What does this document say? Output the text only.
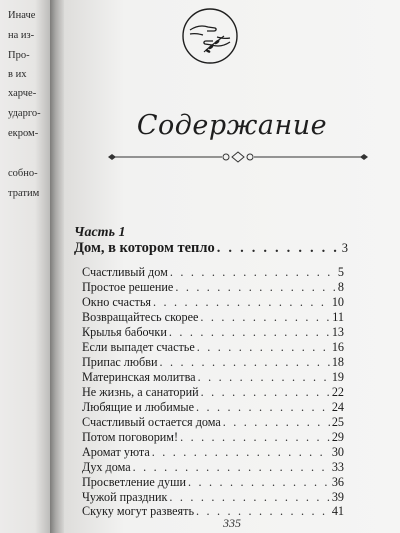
Иначе
на из-
Про-
в их
харче-
ударго-
екром-
собно-
тратим
Содержание
Часть 1
Дом, в котором тепло . . .	3
Счастливый дом . . .	5
Простое решение . . .	8
Окно счастья . . .	10
Возвращайтесь скорее . . .	11
Крылья бабочки . . .	13
Если выпадет счастье . . .	16
Припас любви . . .	18
Материнская молитва . . .	19
Не жизнь, а санаторий . . .	22
Любящие и любимые . . .	24
Счастливый остается дома . . .	25
Потом поговорим! . . .	29
Аромат уюта . . .	30
Дух дома . . .	33
Просветление души . . .	36
Чужой праздник . . .	39
Скуку могут развеять . . .	41
335
